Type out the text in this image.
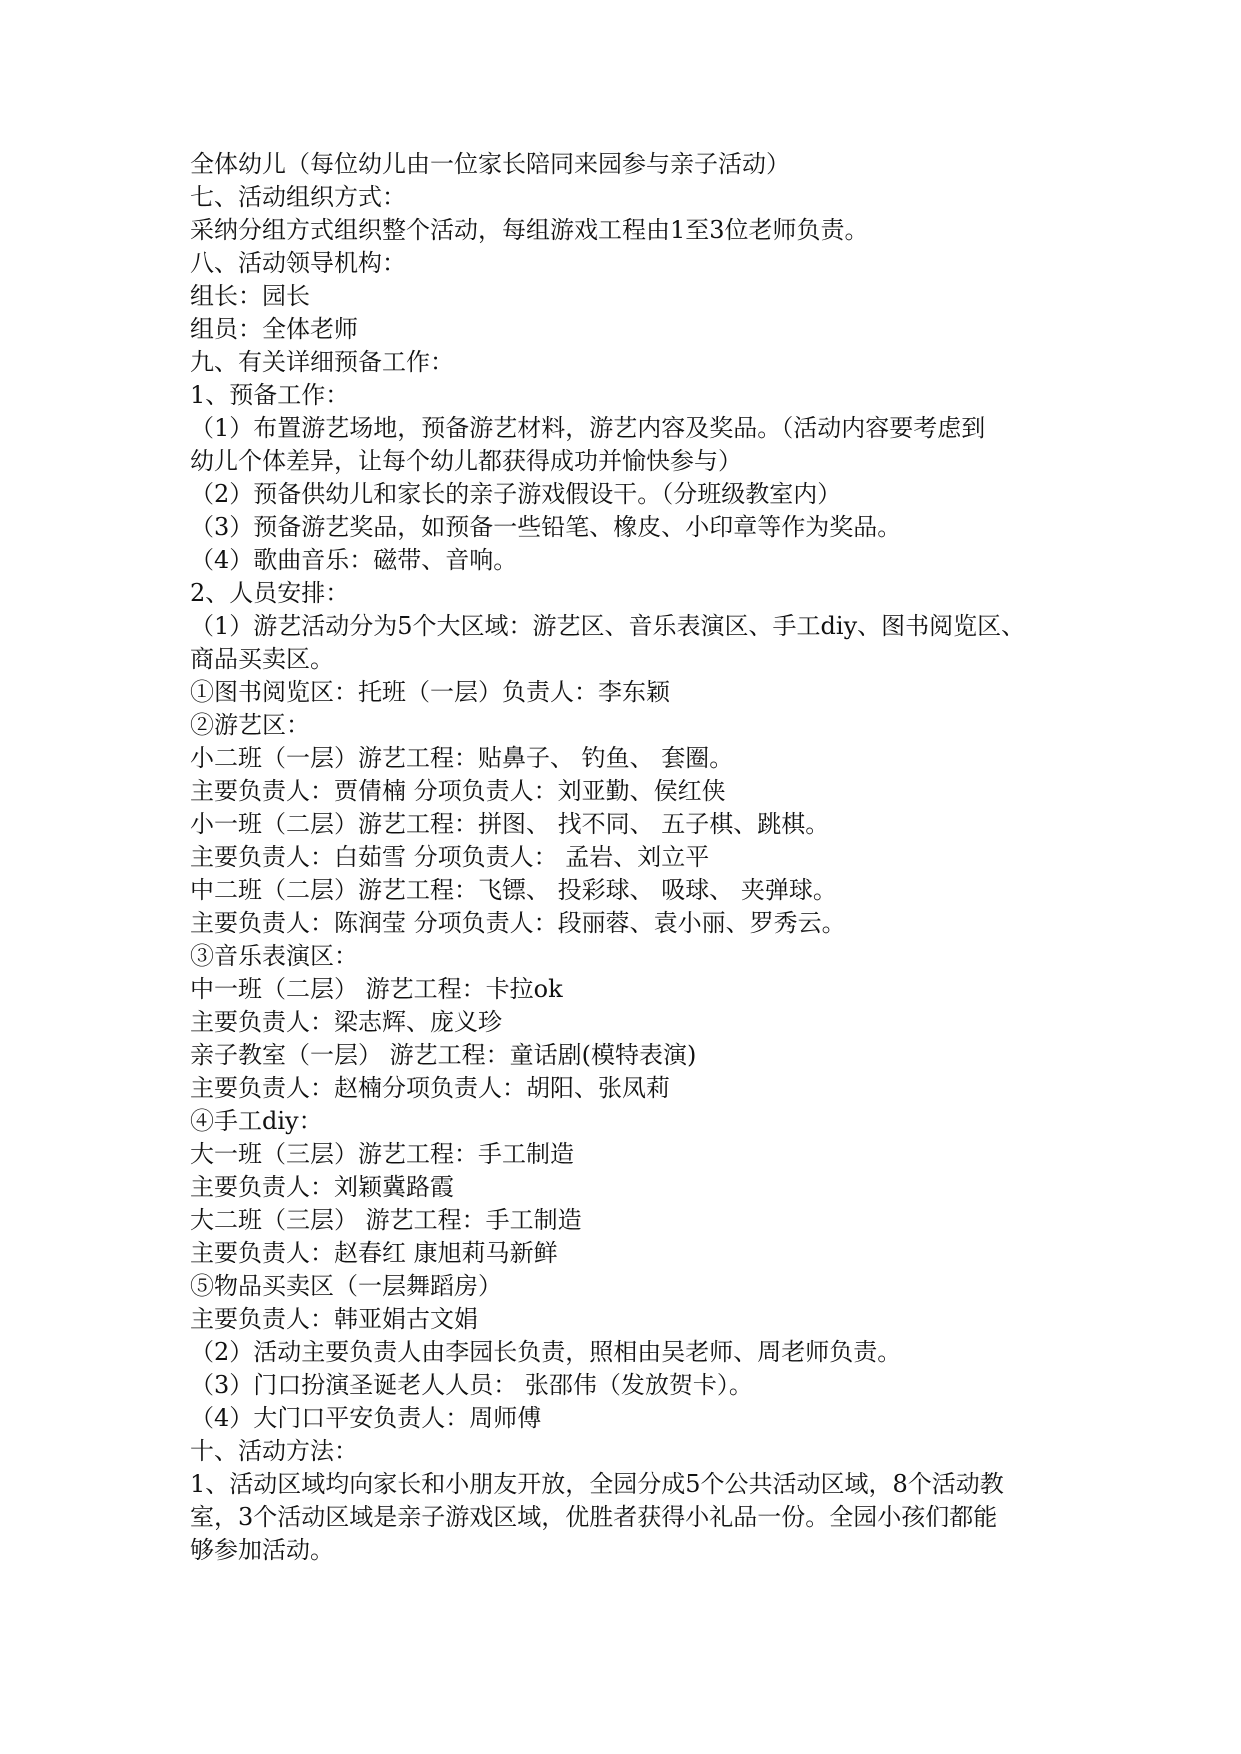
全体幼儿（每位幼儿由一位家长陪同来园参与亲子活动）

七、活动组织方式：

采纳分组方式组织整个活动，每组游戏工程由1至3位老师负责。

八、活动领导机构：

组长：园长

组员：全体老师

九、有关详细预备工作：

1、预备工作：

（1）布置游艺场地，预备游艺材料，游艺内容及奖品。（活动内容要考虑到

幼儿个体差异，让每个幼儿都获得成功并愉快参与）

（2）预备供幼儿和家长的亲子游戏假设干。（分班级教室内）

（3）预备游艺奖品，如预备一些铅笔、橡皮、小印章等作为奖品。

（4）歌曲音乐：磁带、音响。

2、人员安排：

（1）游艺活动分为5个大区域：游艺区、音乐表演区、手工diy、图书阅览区、

商品买卖区。

①图书阅览区：托班（一层）负责人：李东颖

②游艺区：

小二班（一层）游艺工程：贴鼻子、 钓鱼、 套圈。

主要负责人：贾倩楠 分项负责人：刘亚勤、侯红侠

小一班（二层）游艺工程：拼图、 找不同、 五子棋、跳棋。

主要负责人：白茹雪 分项负责人： 孟岩、刘立平

中二班（二层）游艺工程：飞镖、 投彩球、 吸球、 夹弹球。

主要负责人：陈润莹 分项负责人：段丽蓉、袁小丽、罗秀云。

③音乐表演区：

中一班（二层） 游艺工程：卡拉ok

主要负责人：梁志辉、庞义珍

亲子教室（一层） 游艺工程：童话剧(模特表演)

主要负责人：赵楠分项负责人：胡阳、张凤莉

④手工diy：

大一班（三层）游艺工程：手工制造

主要负责人：刘颖冀路霞

大二班（三层） 游艺工程：手工制造

主要负责人：赵春红 康旭莉马新鲜

⑤物品买卖区（一层舞蹈房）

主要负责人：韩亚娟古文娟

（2）活动主要负责人由李园长负责，照相由吴老师、周老师负责。

（3）门口扮演圣诞老人人员： 张邵伟（发放贺卡）。

（4）大门口平安负责人：周师傅

十、活动方法：

1、活动区域均向家长和小朋友开放，全园分成5个公共活动区域，8个活动教

室，3个活动区域是亲子游戏区域，优胜者获得小礼品一份。全园小孩们都能

够参加活动。
